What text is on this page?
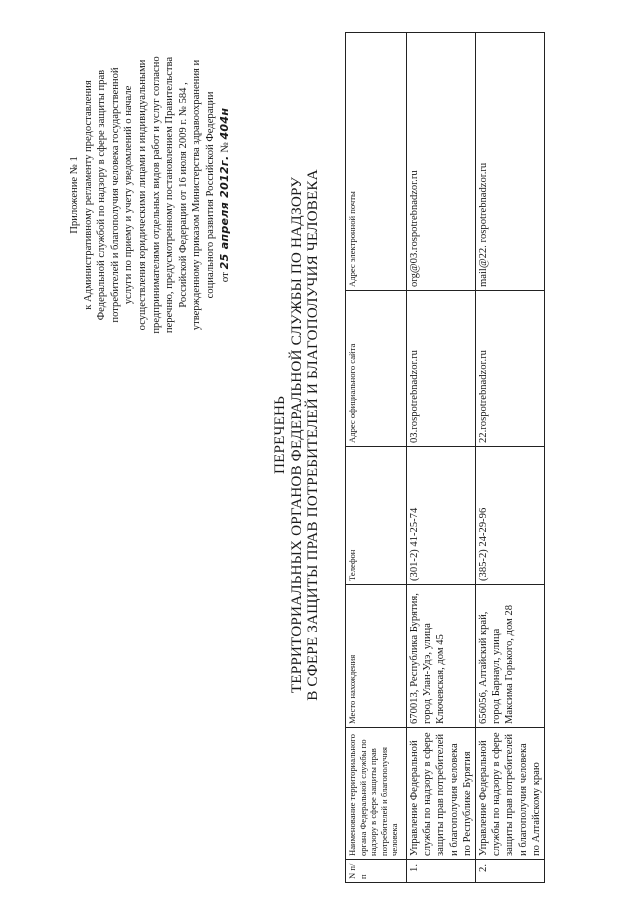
Приложение № 1 к Административному регламенту предоставления Федеральной службой по надзору в сфере защиты прав потребителей и благополучия человека государственной услуги по приему и учету уведомлений о начале осуществления юридическими лицами и индивидуальными предпринимателями отдельных видов работ и услуг согласно перечню, предусмотренному постановлением Правительства Российской Федерации от 16 июля 2009 г. № 584 , утвержденному приказом Министерства здравоохранения и социального развития Российской Федерации от 25 апреля 2012г. № 404н
ПЕРЕЧЕНЬ ТЕРРИТОРИАЛЬНЫХ ОРГАНОВ ФЕДЕРАЛЬНОЙ СЛУЖБЫ ПО НАДЗОРУ В СФЕРЕ ЗАЩИТЫ ПРАВ ПОТРЕБИТЕЛЕЙ И БЛАГОПОЛУЧИЯ ЧЕЛОВЕКА
N п/п	Наименование территориального органа Федеральной службы по надзору в сфере защиты прав потребителей и благополучия человека	Место нахождения	Телефон	Адрес официального сайта	Адрес электронной почты
1.	Управление Федеральной службы по надзору в сфере защиты прав потребителей и благополучия человека по Республике Бурятия	670013, Республика Бурятия, город Улан-Удэ, улица Ключевская, дом 45	(301-2) 41-25-74	03.rospotrebnadzor.ru	org@03.rospotrebnadzor.ru
2.	Управление Федеральной службы по надзору в сфере защиты прав потребителей и благополучия человека по Алтайскому краю	656056, Алтайский край, город Барнаул, улица Максима Горького, дом 28	(385-2) 24-29-96	22.rospotrebnadzor.ru	mail@22. rospotrebnadzor.ru
